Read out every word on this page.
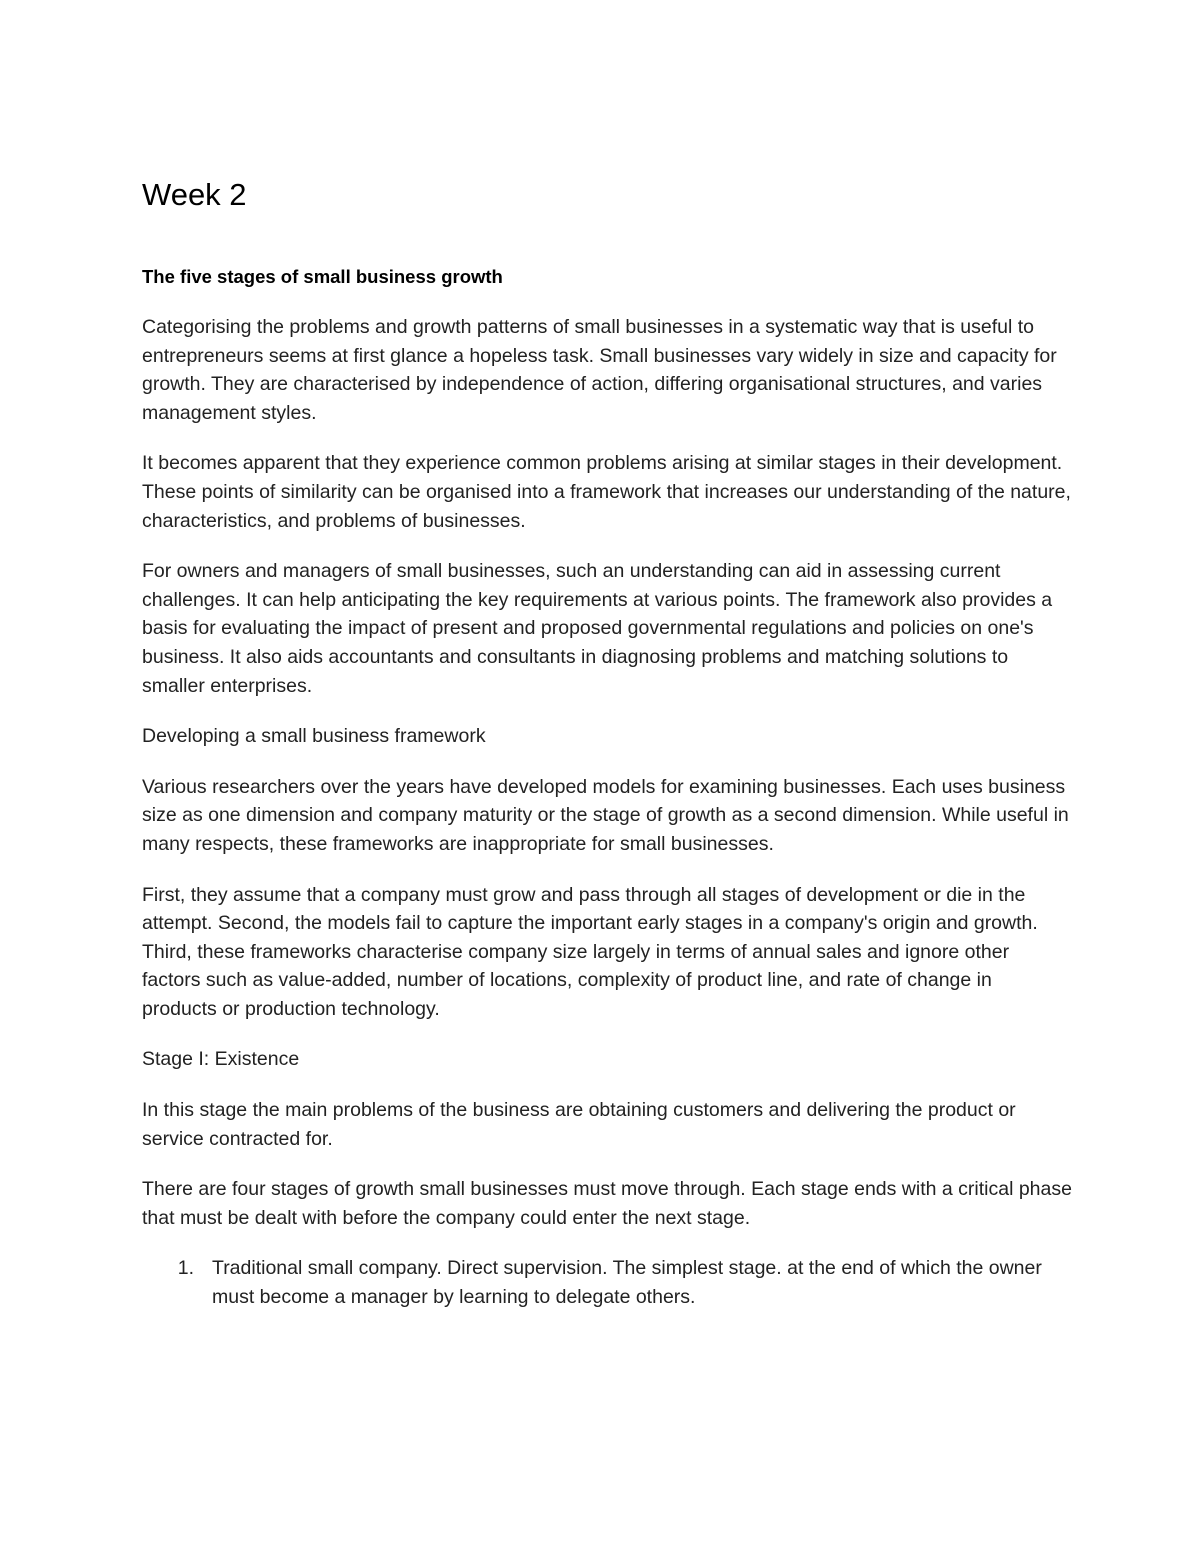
Week 2
The five stages of small business growth

Categorising the problems and growth patterns of small businesses in a systematic way that is useful to entrepreneurs seems at first glance a hopeless task. Small businesses vary widely in size and capacity for growth. They are characterised by independence of action, differing organisational structures, and varies management styles.

It becomes apparent that they experience common problems arising at similar stages in their development. These points of similarity can be organised into a framework that increases our understanding of the nature, characteristics, and problems of businesses.

For owners and managers of small businesses, such an understanding can aid in assessing current challenges. It can help anticipating the key requirements at various points. The framework also provides a basis for evaluating the impact of present and proposed governmental regulations and policies on one's business. It also aids accountants and consultants in diagnosing problems and matching solutions to smaller enterprises.

Developing a small business framework

Various researchers over the years have developed models for examining businesses. Each uses business size as one dimension and company maturity or the stage of growth as a second dimension. While useful in many respects, these frameworks are inappropriate for small businesses.

First, they assume that a company must grow and pass through all stages of development or die in the attempt. Second, the models fail to capture the important early stages in a company's origin and growth. Third, these frameworks characterise company size largely in terms of annual sales and ignore other factors such as value-added, number of locations, complexity of product line, and rate of change in products or production technology.

Stage I: Existence

In this stage the main problems of the business are obtaining customers and delivering the product or service contracted for.

There are four stages of growth small businesses must move through. Each stage ends with a critical phase that must be dealt with before the company could enter the next stage.

1. Traditional small company. Direct supervision. The simplest stage. at the end of which the owner must become a manager by learning to delegate others.
